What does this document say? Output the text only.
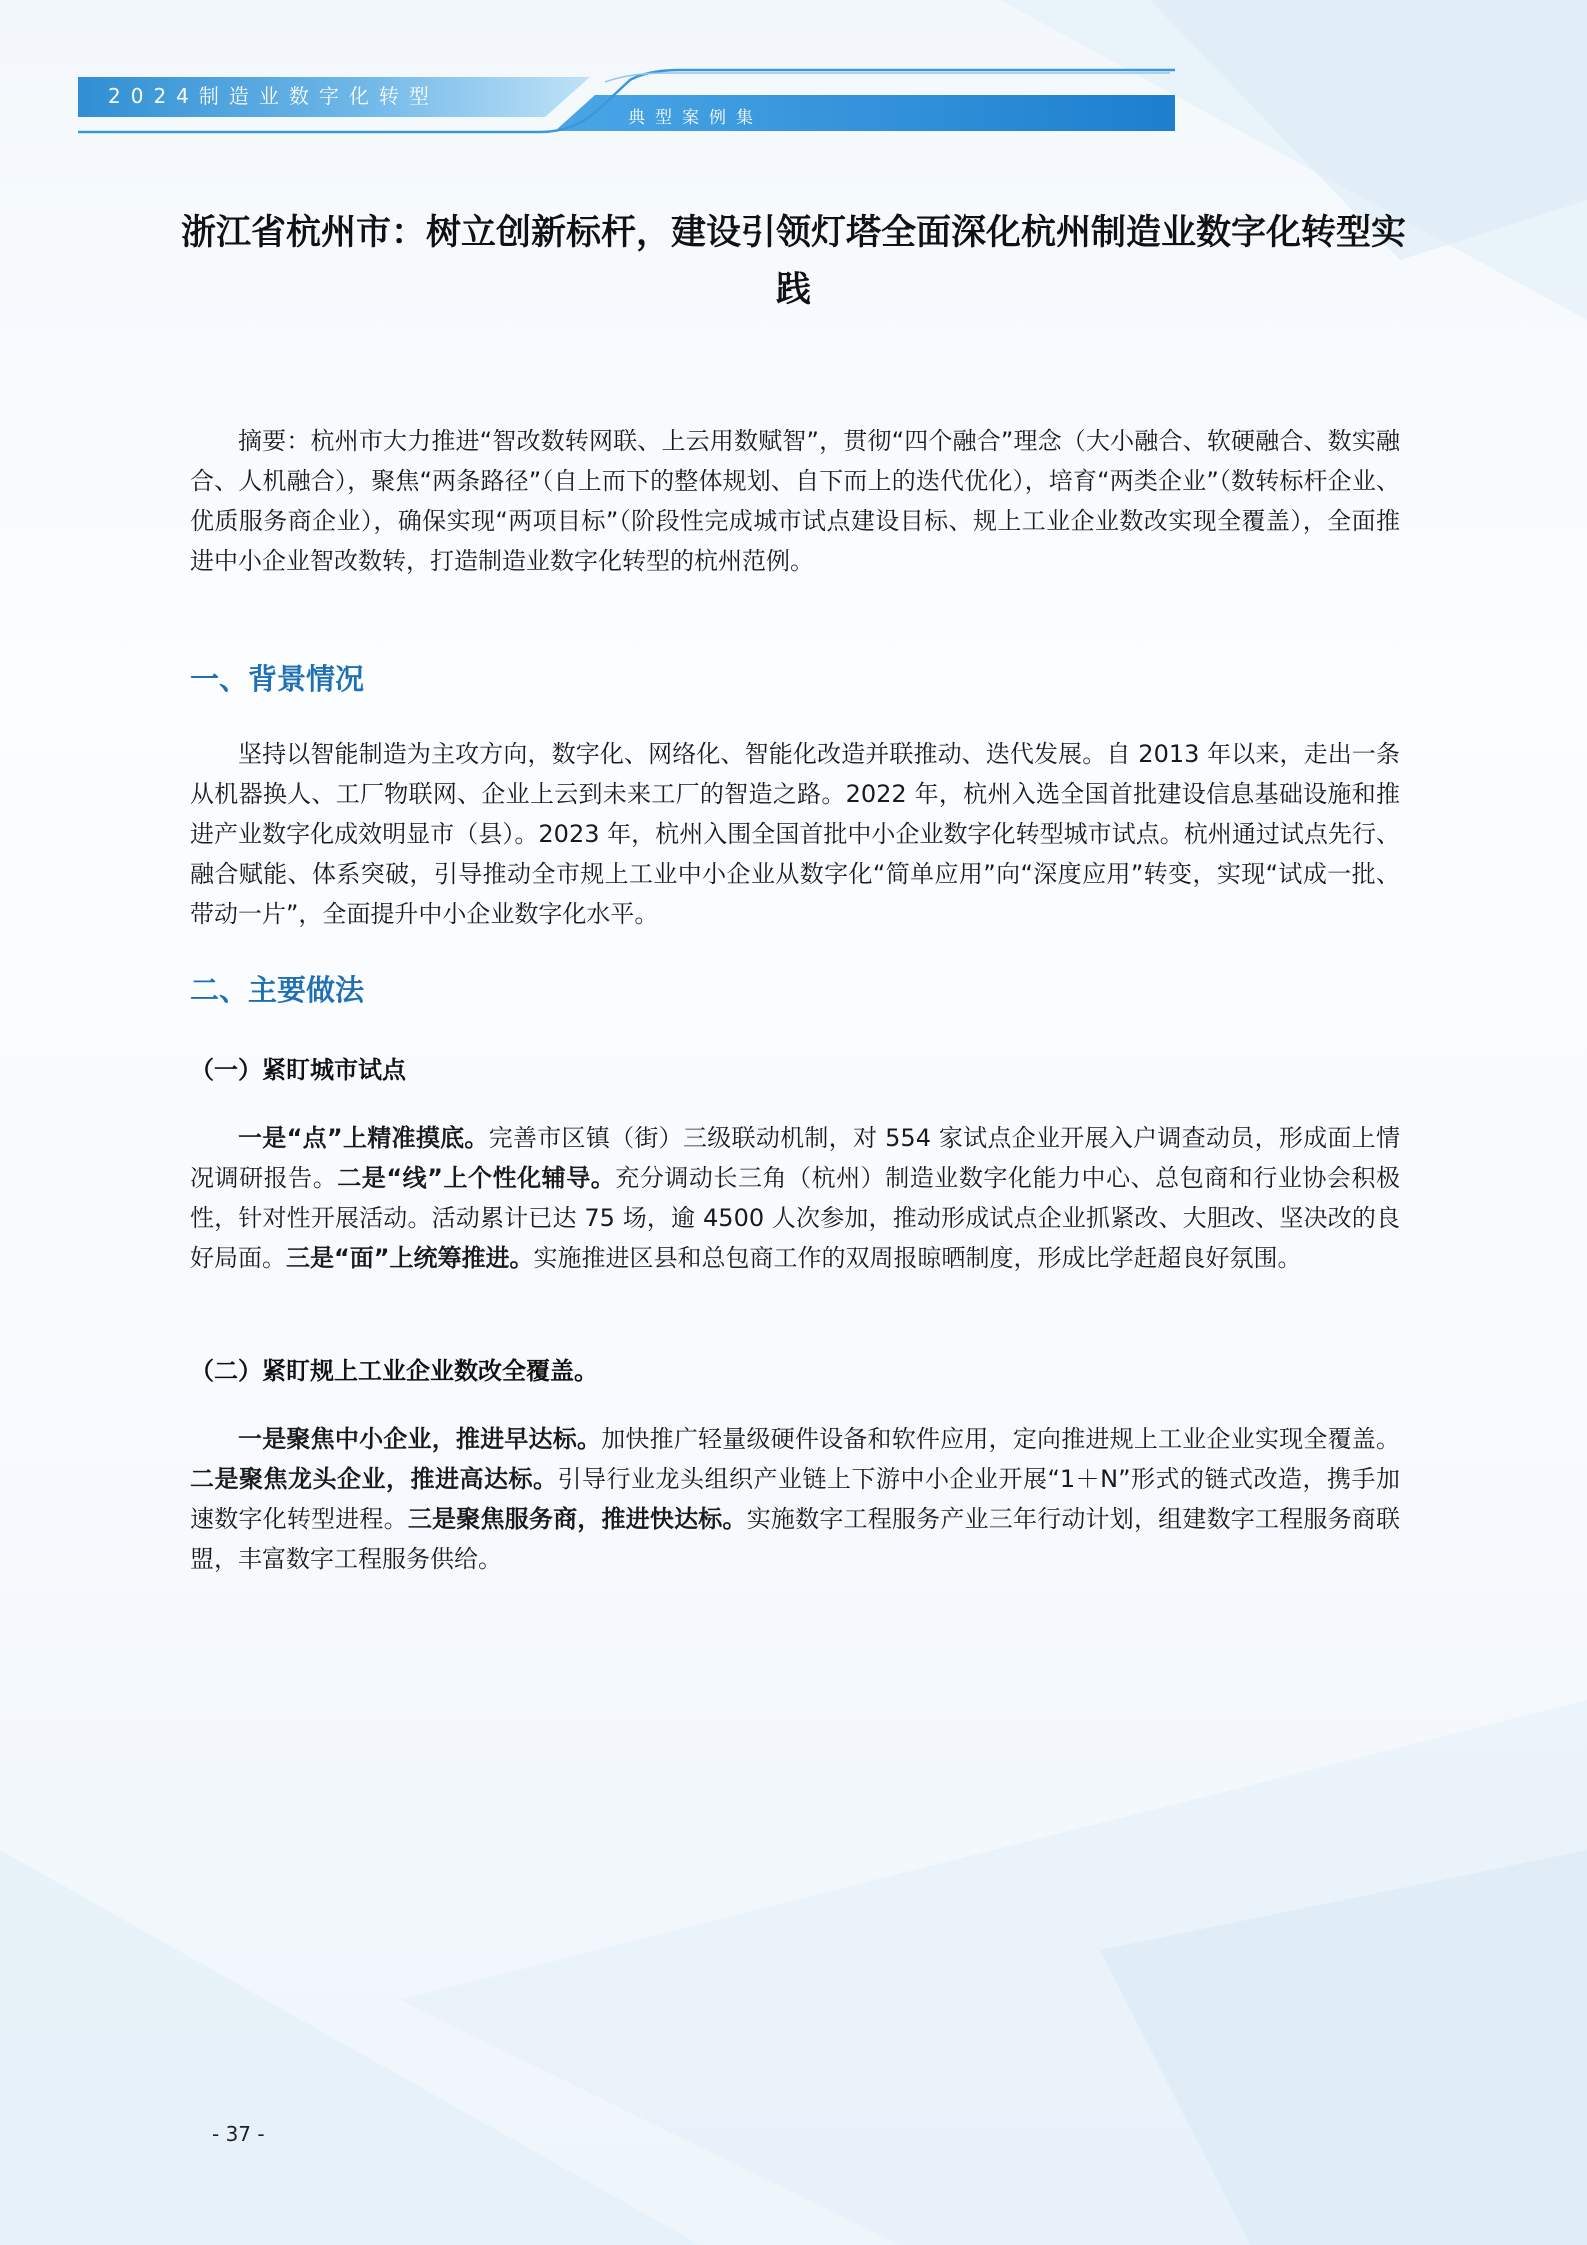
2024制造业数字化转型
典型案例集
浙江省杭州市：树立创新标杆，建设引领灯塔全面深化杭州制造业数字化转型实践

摘要：杭州市大力推进“智改数转网联、上云用数赋智”，贯彻“四个融合”理念（大小融合、软硬融合、数实融合、人机融合），聚焦“两条路径”（自上而下的整体规划、自下而上的迭代优化），培育“两类企业”（数转标杆企业、优质服务商企业），确保实现“两项目标”（阶段性完成城市试点建设目标、规上工业企业数改实现全覆盖），全面推进中小企业智改数转，打造制造业数字化转型的杭州范例。

一、背景情况

坚持以智能制造为主攻方向，数字化、网络化、智能化改造并联推动、迭代发展。自 2013 年以来，走出一条从机器换人、工厂物联网、企业上云到未来工厂的智造之路。2022 年，杭州入选全国首批建设信息基础设施和推进产业数字化成效明显市（县）。2023 年，杭州入围全国首批中小企业数字化转型城市试点。杭州通过试点先行、融合赋能、体系突破，引导推动全市规上工业中小企业从数字化“简单应用”向“深度应用”转变，实现“试成一批、带动一片”，全面提升中小企业数字化水平。

二、主要做法
（一）紧盯城市试点

一是“点”上精准摸底。完善市区镇（街）三级联动机制，对 554 家试点企业开展入户调查动员，形成面上情况调研报告。二是“线”上个性化辅导。充分调动长三角（杭州）制造业数字化能力中心、总包商和行业协会积极性，针对性开展活动。活动累计已达 75 场，逾 4500 人次参加，推动形成试点企业抓紧改、大胆改、坚决改的良好局面。三是“面”上统筹推进。实施推进区县和总包商工作的双周报晾晒制度，形成比学赶超良好氛围。

（二）紧盯规上工业企业数改全覆盖。

一是聚焦中小企业，推进早达标。加快推广轻量级硬件设备和软件应用，定向推进规上工业企业实现全覆盖。二是聚焦龙头企业，推进高达标。引导行业龙头组织产业链上下游中小企业开展“1＋N”形式的链式改造，携手加速数字化转型进程。三是聚焦服务商，推进快达标。实施数字工程服务产业三年行动计划，组建数字工程服务商联盟，丰富数字工程服务供给。

- 37 -
